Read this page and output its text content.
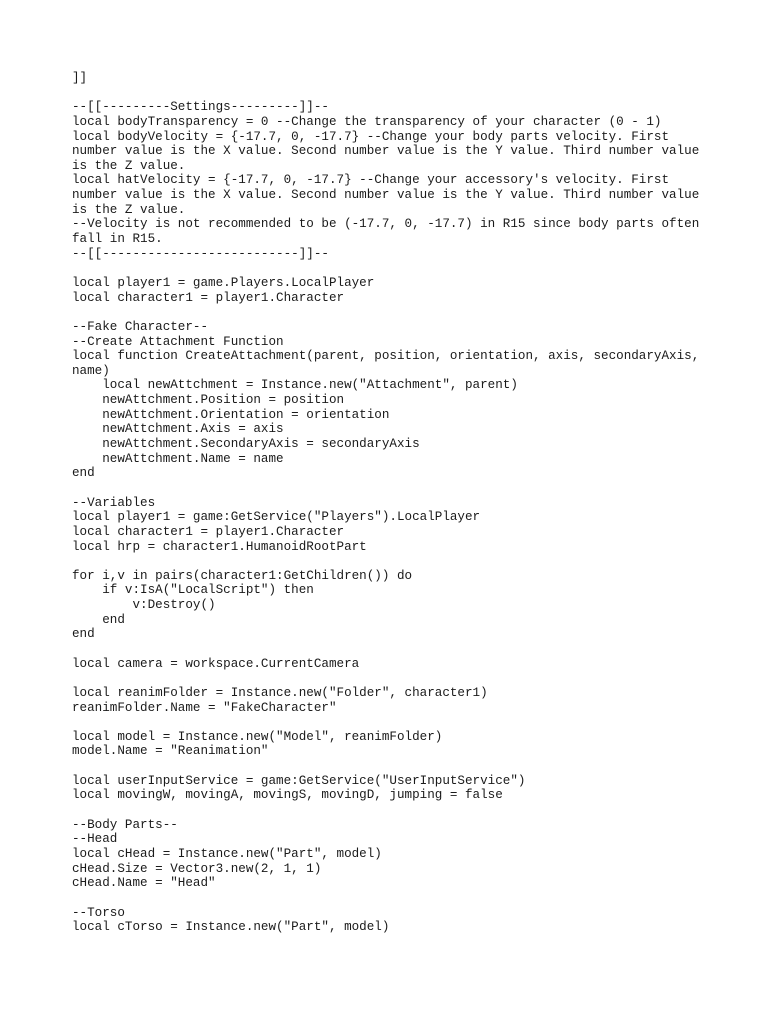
]]
--[[---------Settings---------]]--
local bodyTransparency = 0 --Change the transparency of your character (0 - 1)
local bodyVelocity = {-17.7, 0, -17.7} --Change your body parts velocity. First
number value is the X value. Second number value is the Y value. Third number value
is the Z value.
local hatVelocity = {-17.7, 0, -17.7} --Change your accessory's velocity. First
number value is the X value. Second number value is the Y value. Third number value
is the Z value.
--Velocity is not recommended to be (-17.7, 0, -17.7) in R15 since body parts often
fall in R15.
--[[--------------------------]]--
local player1 = game.Players.LocalPlayer
local character1 = player1.Character
--Fake Character--
--Create Attachment Function
local function CreateAttachment(parent, position, orientation, axis, secondaryAxis,
name)
local newAttchment = Instance.new("Attachment", parent)
newAttchment.Position = position
newAttchment.Orientation = orientation
newAttchment.Axis = axis
newAttchment.SecondaryAxis = secondaryAxis
newAttchment.Name = name
end
--Variables
local player1 = game:GetService("Players").LocalPlayer
local character1 = player1.Character
local hrp = character1.HumanoidRootPart
for i,v in pairs(character1:GetChildren()) do
if v:IsA("LocalScript") then
v:Destroy()
end
end
local camera = workspace.CurrentCamera
local reanimFolder = Instance.new("Folder", character1)
reanimFolder.Name = "FakeCharacter"
local model = Instance.new("Model", reanimFolder)
model.Name = "Reanimation"
local userInputService = game:GetService("UserInputService")
local movingW, movingA, movingS, movingD, jumping = false
--Body Parts--
--Head
local cHead = Instance.new("Part", model)
cHead.Size = Vector3.new(2, 1, 1)
cHead.Name = "Head"
--Torso
local cTorso = Instance.new("Part", model)
